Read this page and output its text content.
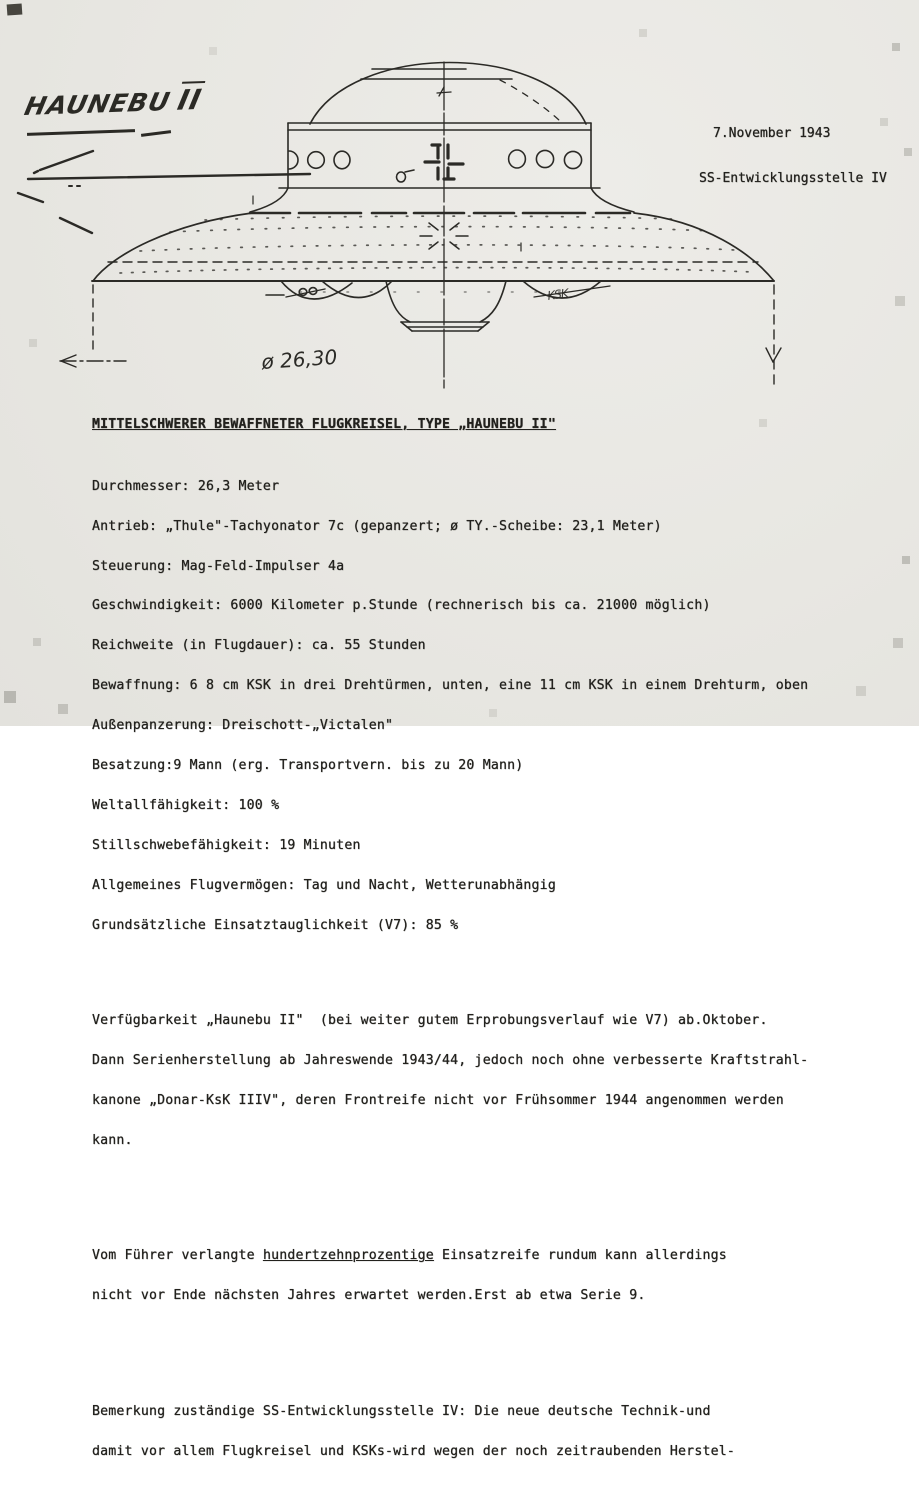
ø 26,30
KSK
$HAUNEBU\overline{II}$

7.November 1943

SS-Entwicklungsstelle IV

MITTELSCHWERER BEWAFFNETER FLUGKREISEL, TYPE „HAUNEBU II"

Durchmesser: 26,3 Meter

Antrieb: „Thule"-Tachyonator 7c (gepanzert; ø TY.-Scheibe: 23,1 Meter)

Steuerung: Mag-Feld-Impulser 4a

Geschwindigkeit: 6000 Kilometer p.Stunde (rechnerisch bis ca. 21000 möglich)

Reichweite (in Flugdauer): ca. 55 Stunden

Bewaffnung: 6 8 cm KSK in drei Drehtürmen, unten, eine 11 cm KSK in einem Drehturm, oben

Außenpanzerung: Dreischott-„Victalen"

Besatzung:9 Mann (erg. Transportvern. bis zu 20 Mann)

Weltallfähigkeit: 100 %

Stillschwebefähigkeit: 19 Minuten

Allgemeines Flugvermögen: Tag und Nacht, Wetterunabhängig

Grundsätzliche Einsatztauglichkeit (V7): 85 %

Verfügbarkeit „Haunebu II"  (bei weiter gutem Erprobungsverlauf wie V7) ab.Oktober.

Dann Serienherstellung ab Jahreswende 1943/44, jedoch noch ohne verbesserte Kraftstrahl-

kanone „Donar-KsK IIIV", deren Frontreife nicht vor Frühsommer 1944 angenommen werden

kann.

Vom Führer verlangte hundertzehnprozentige Einsatzreife rundum kann allerdings

nicht vor Ende nächsten Jahres erwartet werden.Erst ab etwa Serie 9.

Bemerkung zuständige SS-Entwicklungsstelle IV: Die neue deutsche Technik-und

damit vor allem Flugkreisel und KSKs-wird wegen der noch zeitraubenden Herstel-
